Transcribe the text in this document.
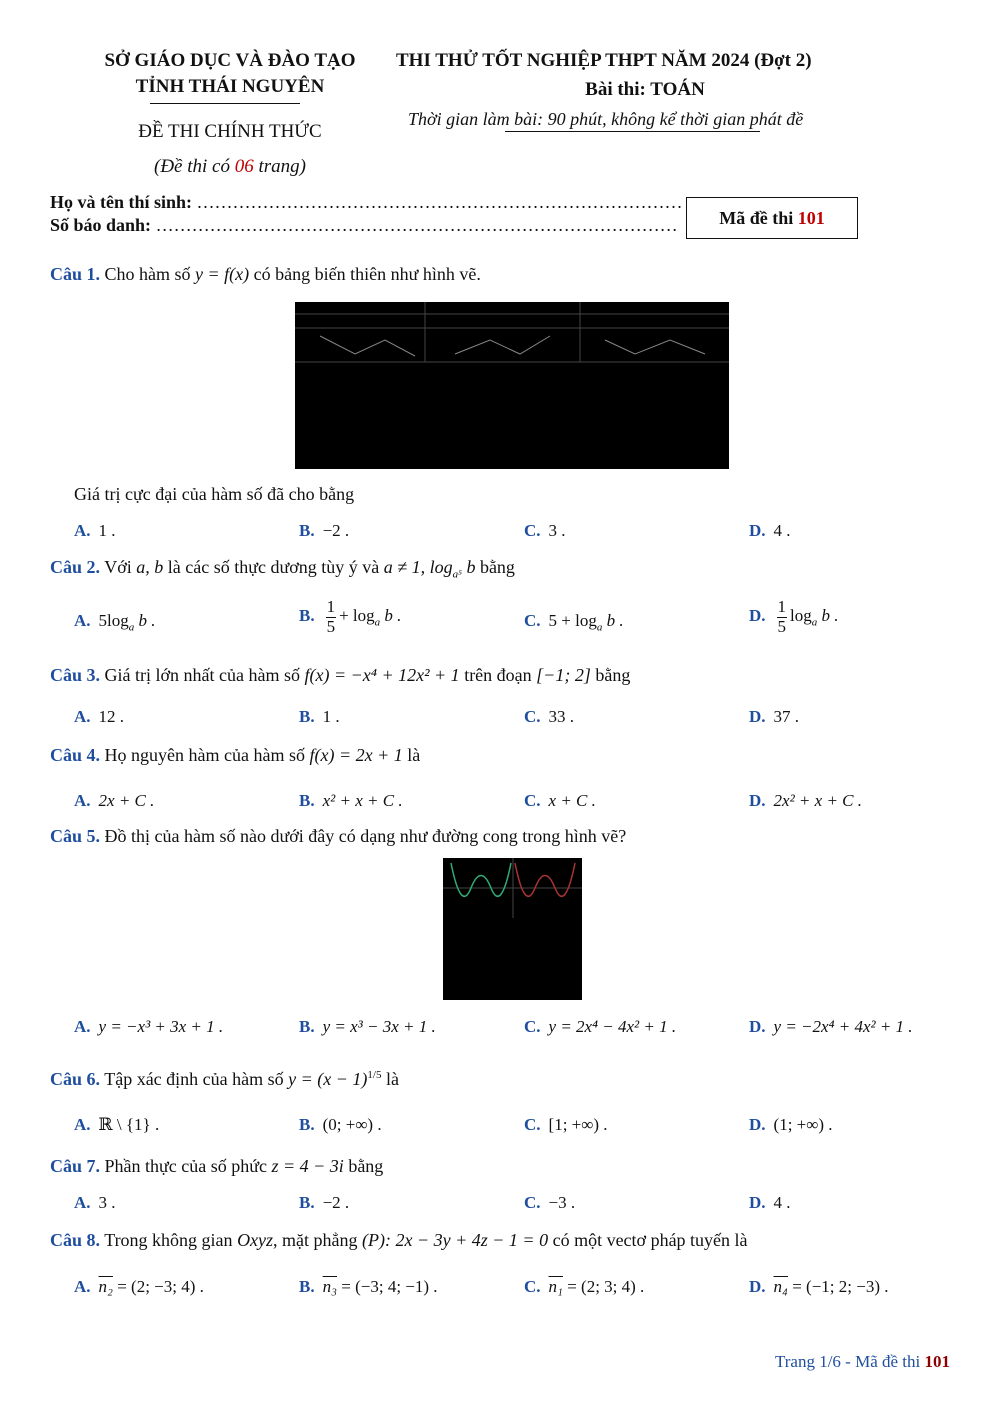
SỞ GIÁO DỤC VÀ ĐÀO TẠO
TỈNH THÁI NGUYÊN
ĐỀ THI CHÍNH THỨC
(Đề thi có 06 trang)
THI THỬ TỐT NGHIỆP THPT NĂM 2024 (Đợt 2)
Bài thi: TOÁN
Thời gian làm bài: 90 phút, không kể thời gian phát đề
Họ và tên thí sinh: ………………………………………………………………………
Số báo danh: ……………………………………………………………………………	Mã đề thi 101
Câu 1. Cho hàm số y = f(x) có bảng biến thiên như hình vẽ.
Giá trị cực đại của hàm số đã cho bằng
A. 1 .	B. −2 .	C. 3 .	D. 4 .
Câu 2. Với a, b là các số thực dương tùy ý và a ≠ 1, $\log_{a^5} b$ bằng
A. $5\log_a$ b .	B. $\frac{1}{5} + \log_a b$ .	C. $5 + \log_a b$ .	D. $\frac{1}{5} \log_a b$ .
Câu 3. Giá trị lớn nhất của hàm số f(x) = −x⁴ + 12x² + 1 trên đoạn [−1; 2] bằng
A. 12 .	B. 1 .	C. 33 .	D. 37 .
Câu 4. Họ nguyên hàm của hàm số f(x) = 2x + 1 là
A. 2x + C .	B. x² + x + C .	C. x + C .	D. 2x² + x + C .
Câu 5. Đồ thị của hàm số nào dưới đây có dạng như đường cong trong hình vẽ?
A. y = −x³ + 3x + 1 .	B. y = x³ − 3x + 1 .	C. y = 2x⁴ − 4x² + 1 .	D. y = −2x⁴ + 4x² + 1 .
Câu 6. Tập xác định của hàm số $y = (x - 1)^{1/5}$ là
A. ℝ \ {1} .	B. (0; +∞) .	C. [1; +∞) .	D. (1; +∞) .
Câu 7. Phần thực của số phức z = 4 − 3i bằng
A. 3 .	B. −2 .	C. −3 .	D. 4 .
Câu 8. Trong không gian Oxyz, mặt phẳng (P): 2x − 3y + 4z − 1 = 0 có một vectơ pháp tuyến là
A. n₂ = (2; −3; 4) .	B. n₃ = (−3; 4; −1) .	C. n₁ = (2; 3; 4) .	D. n₄ = (−1; 2; −3) .
Trang 1/6 - Mã đề thi 101
